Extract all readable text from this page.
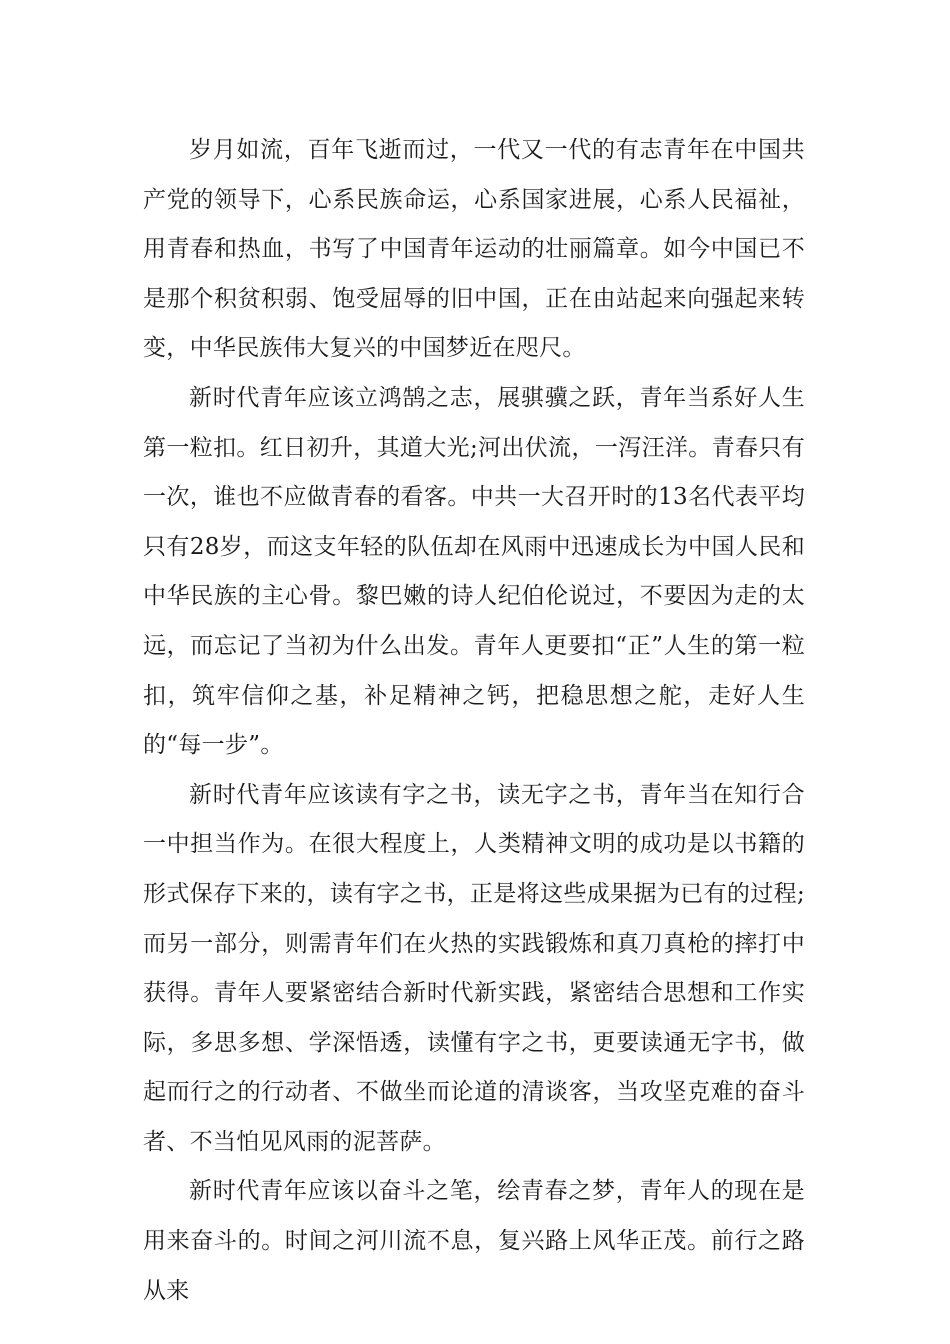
岁月如流，百年飞逝而过，一代又一代的有志青年在中国共产党的领导下，心系民族命运，心系国家进展，心系人民福祉，用青春和热血，书写了中国青年运动的壮丽篇章。如今中国已不是那个积贫积弱、饱受屈辱的旧中国，正在由站起来向强起来转变，中华民族伟大复兴的中国梦近在咫尺。

新时代青年应该立鸿鹄之志，展骐骥之跃，青年当系好人生第一粒扣。红日初升，其道大光;河出伏流，一泻汪洋。青春只有一次，谁也不应做青春的看客。中共一大召开时的13名代表平均只有28岁，而这支年轻的队伍却在风雨中迅速成长为中国人民和中华民族的主心骨。黎巴嫩的诗人纪伯伦说过，不要因为走的太远，而忘记了当初为什么出发。青年人更要扣“正”人生的第一粒扣，筑牢信仰之基，补足精神之钙，把稳思想之舵，走好人生的“每一步”。

新时代青年应该读有字之书，读无字之书，青年当在知行合一中担当作为。在很大程度上，人类精神文明的成功是以书籍的形式保存下来的，读有字之书，正是将这些成果据为已有的过程;而另一部分，则需青年们在火热的实践锻炼和真刀真枪的摔打中获得。青年人要紧密结合新时代新实践，紧密结合思想和工作实际，多思多想、学深悟透，读懂有字之书，更要读通无字书，做起而行之的行动者、不做坐而论道的清谈客，当攻坚克难的奋斗者、不当怕见风雨的泥菩萨。

新时代青年应该以奋斗之笔，绘青春之梦，青年人的现在是用来奋斗的。时间之河川流不息，复兴路上风华正茂。前行之路从来
